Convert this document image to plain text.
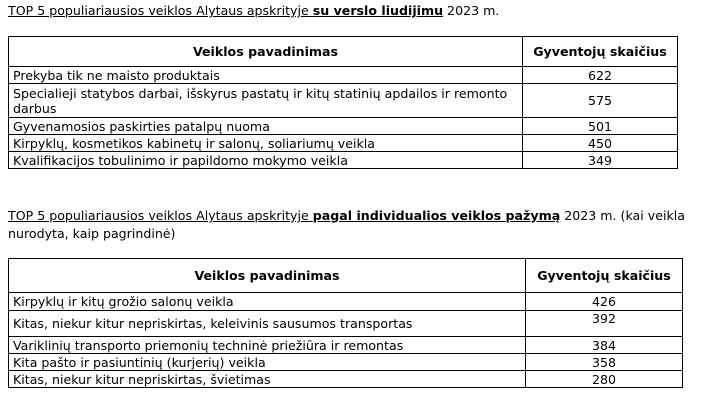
TOP 5 populiariausios veiklos Alytaus apskrityje su verslo liudijimu 2023 m.
Veiklos pavadinimas	Gyventojų skaičius
Prekyba tik ne maisto produktais	622
Specialieji statybos darbai, išskyrus pastatų ir kitų statinių apdailos ir remonto darbus	575
Gyvenamosios paskirties patalpų nuoma	501
Kirpyklų, kosmetikos kabinetų ir salonų, soliariumų veikla	450
Kvalifikacijos tobulinimo ir papildomo mokymo veikla	349
TOP 5 populiariausios veiklos Alytaus apskrityje pagal individualios veiklos pažymą 2023 m. (kai veikla nurodyta, kaip pagrindinė)
Veiklos pavadinimas	Gyventojų skaičius
Kirpyklų ir kitų grožio salonų veikla	426
Kitas, niekur kitur nepriskirtas, keleivinis sausumos transportas	392
Variklinių transporto priemonių techninė priežiūra ir remontas	384
Kita pašto ir pasiuntinių (kurjerių) veikla	358
Kitas, niekur kitur nepriskirtas, švietimas	280
